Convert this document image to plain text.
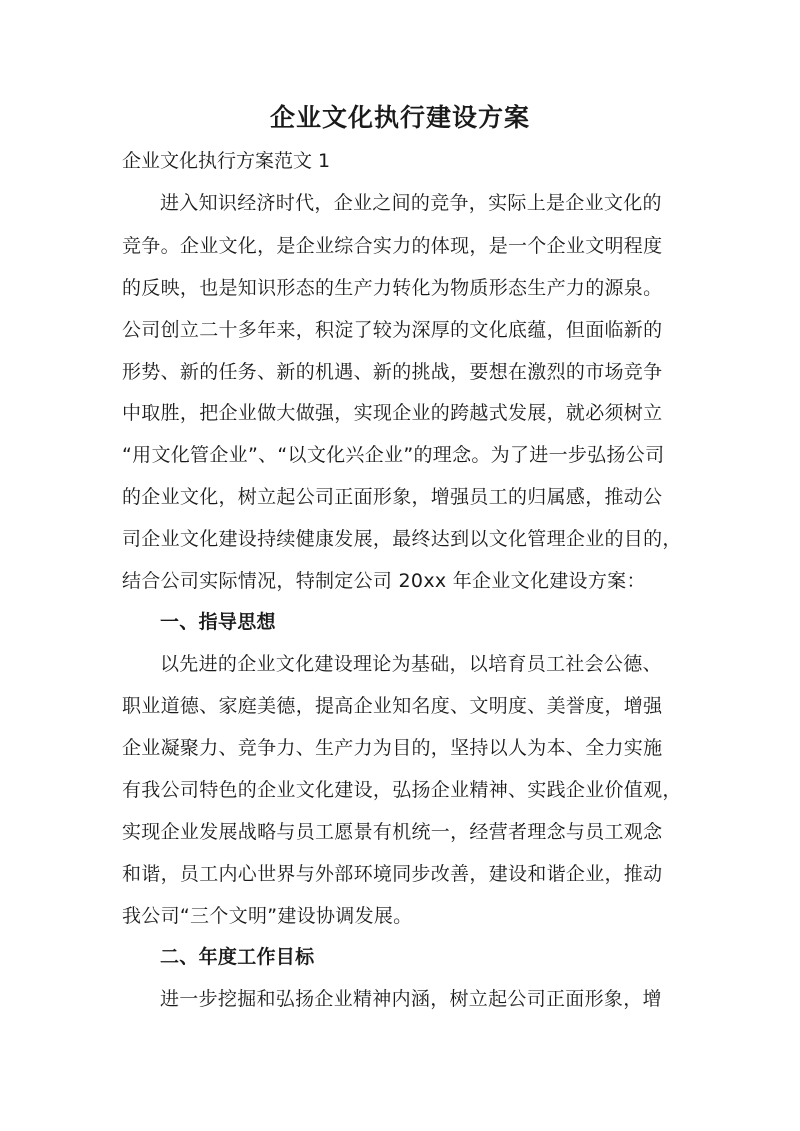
企业文化执行建设方案
企业文化执行方案范文 1
进入知识经济时代，企业之间的竞争，实际上是企业文化的
竞争。企业文化，是企业综合实力的体现，是一个企业文明程度
的反映，也是知识形态的生产力转化为物质形态生产力的源泉。
公司创立二十多年来，积淀了较为深厚的文化底蕴，但面临新的
形势、新的任务、新的机遇、新的挑战，要想在激烈的市场竞争
中取胜，把企业做大做强，实现企业的跨越式发展，就必须树立
“用文化管企业”、“以文化兴企业”的理念。为了进一步弘扬公司
的企业文化，树立起公司正面形象，增强员工的归属感，推动公
司企业文化建设持续健康发展，最终达到以文化管理企业的目的，
结合公司实际情况，特制定公司 20xx 年企业文化建设方案：
一、指导思想
以先进的企业文化建设理论为基础，以培育员工社会公德、
职业道德、家庭美德，提高企业知名度、文明度、美誉度，增强
企业凝聚力、竞争力、生产力为目的，坚持以人为本、全力实施
有我公司特色的企业文化建设，弘扬企业精神、实践企业价值观，
实现企业发展战略与员工愿景有机统一，经营者理念与员工观念
和谐，员工内心世界与外部环境同步改善，建设和谐企业，推动
我公司“三个文明”建设协调发展。
二、年度工作目标
进一步挖掘和弘扬企业精神内涵，树立起公司正面形象，增
